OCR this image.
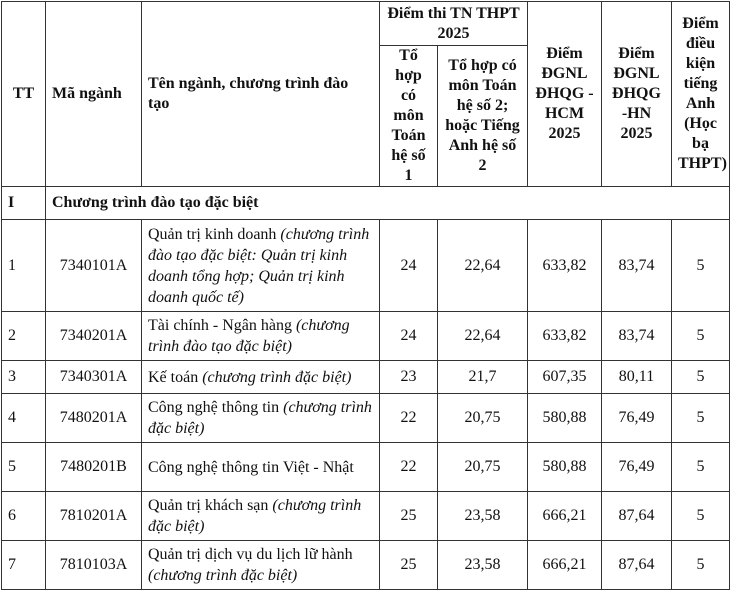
TT	Mã ngành	Tên ngành, chương trình đào tạo	Điểm thi TN THPT 2025		Điểm ĐGNL ĐHQG -HCM 2025	Điểm ĐGNL ĐHQG -HN 2025	Điểm điều kiện tiếng Anh (Học bạ THPT)
			Tổ hợp có môn Toán hệ số 1	Tổ hợp có môn Toán hệ số 2; hoặc Tiếng Anh hệ số 2			
I	Chương trình đào tạo đặc biệt						
1	7340101A	Quản trị kinh doanh (chương trình đào tạo đặc biệt: Quản trị kinh doanh tổng hợp; Quản trị kinh doanh quốc tế)	24	22,64	633,82	83,74	5
2	7340201A	Tài chính - Ngân hàng (chương trình đào tạo đặc biệt)	24	22,64	633,82	83,74	5
3	7340301A	Kế toán (chương trình đặc biệt)	23	21,7	607,35	80,11	5
4	7480201A	Công nghệ thông tin (chương trình đặc biệt)	22	20,75	580,88	76,49	5
5	7480201B	Công nghệ thông tin Việt - Nhật	22	20,75	580,88	76,49	5
6	7810201A	Quản trị khách sạn (chương trình đặc biệt)	25	23,58	666,21	87,64	5
7	7810103A	Quản trị dịch vụ du lịch lữ hành (chương trình đặc biệt)	25	23,58	666,21	87,64	5
